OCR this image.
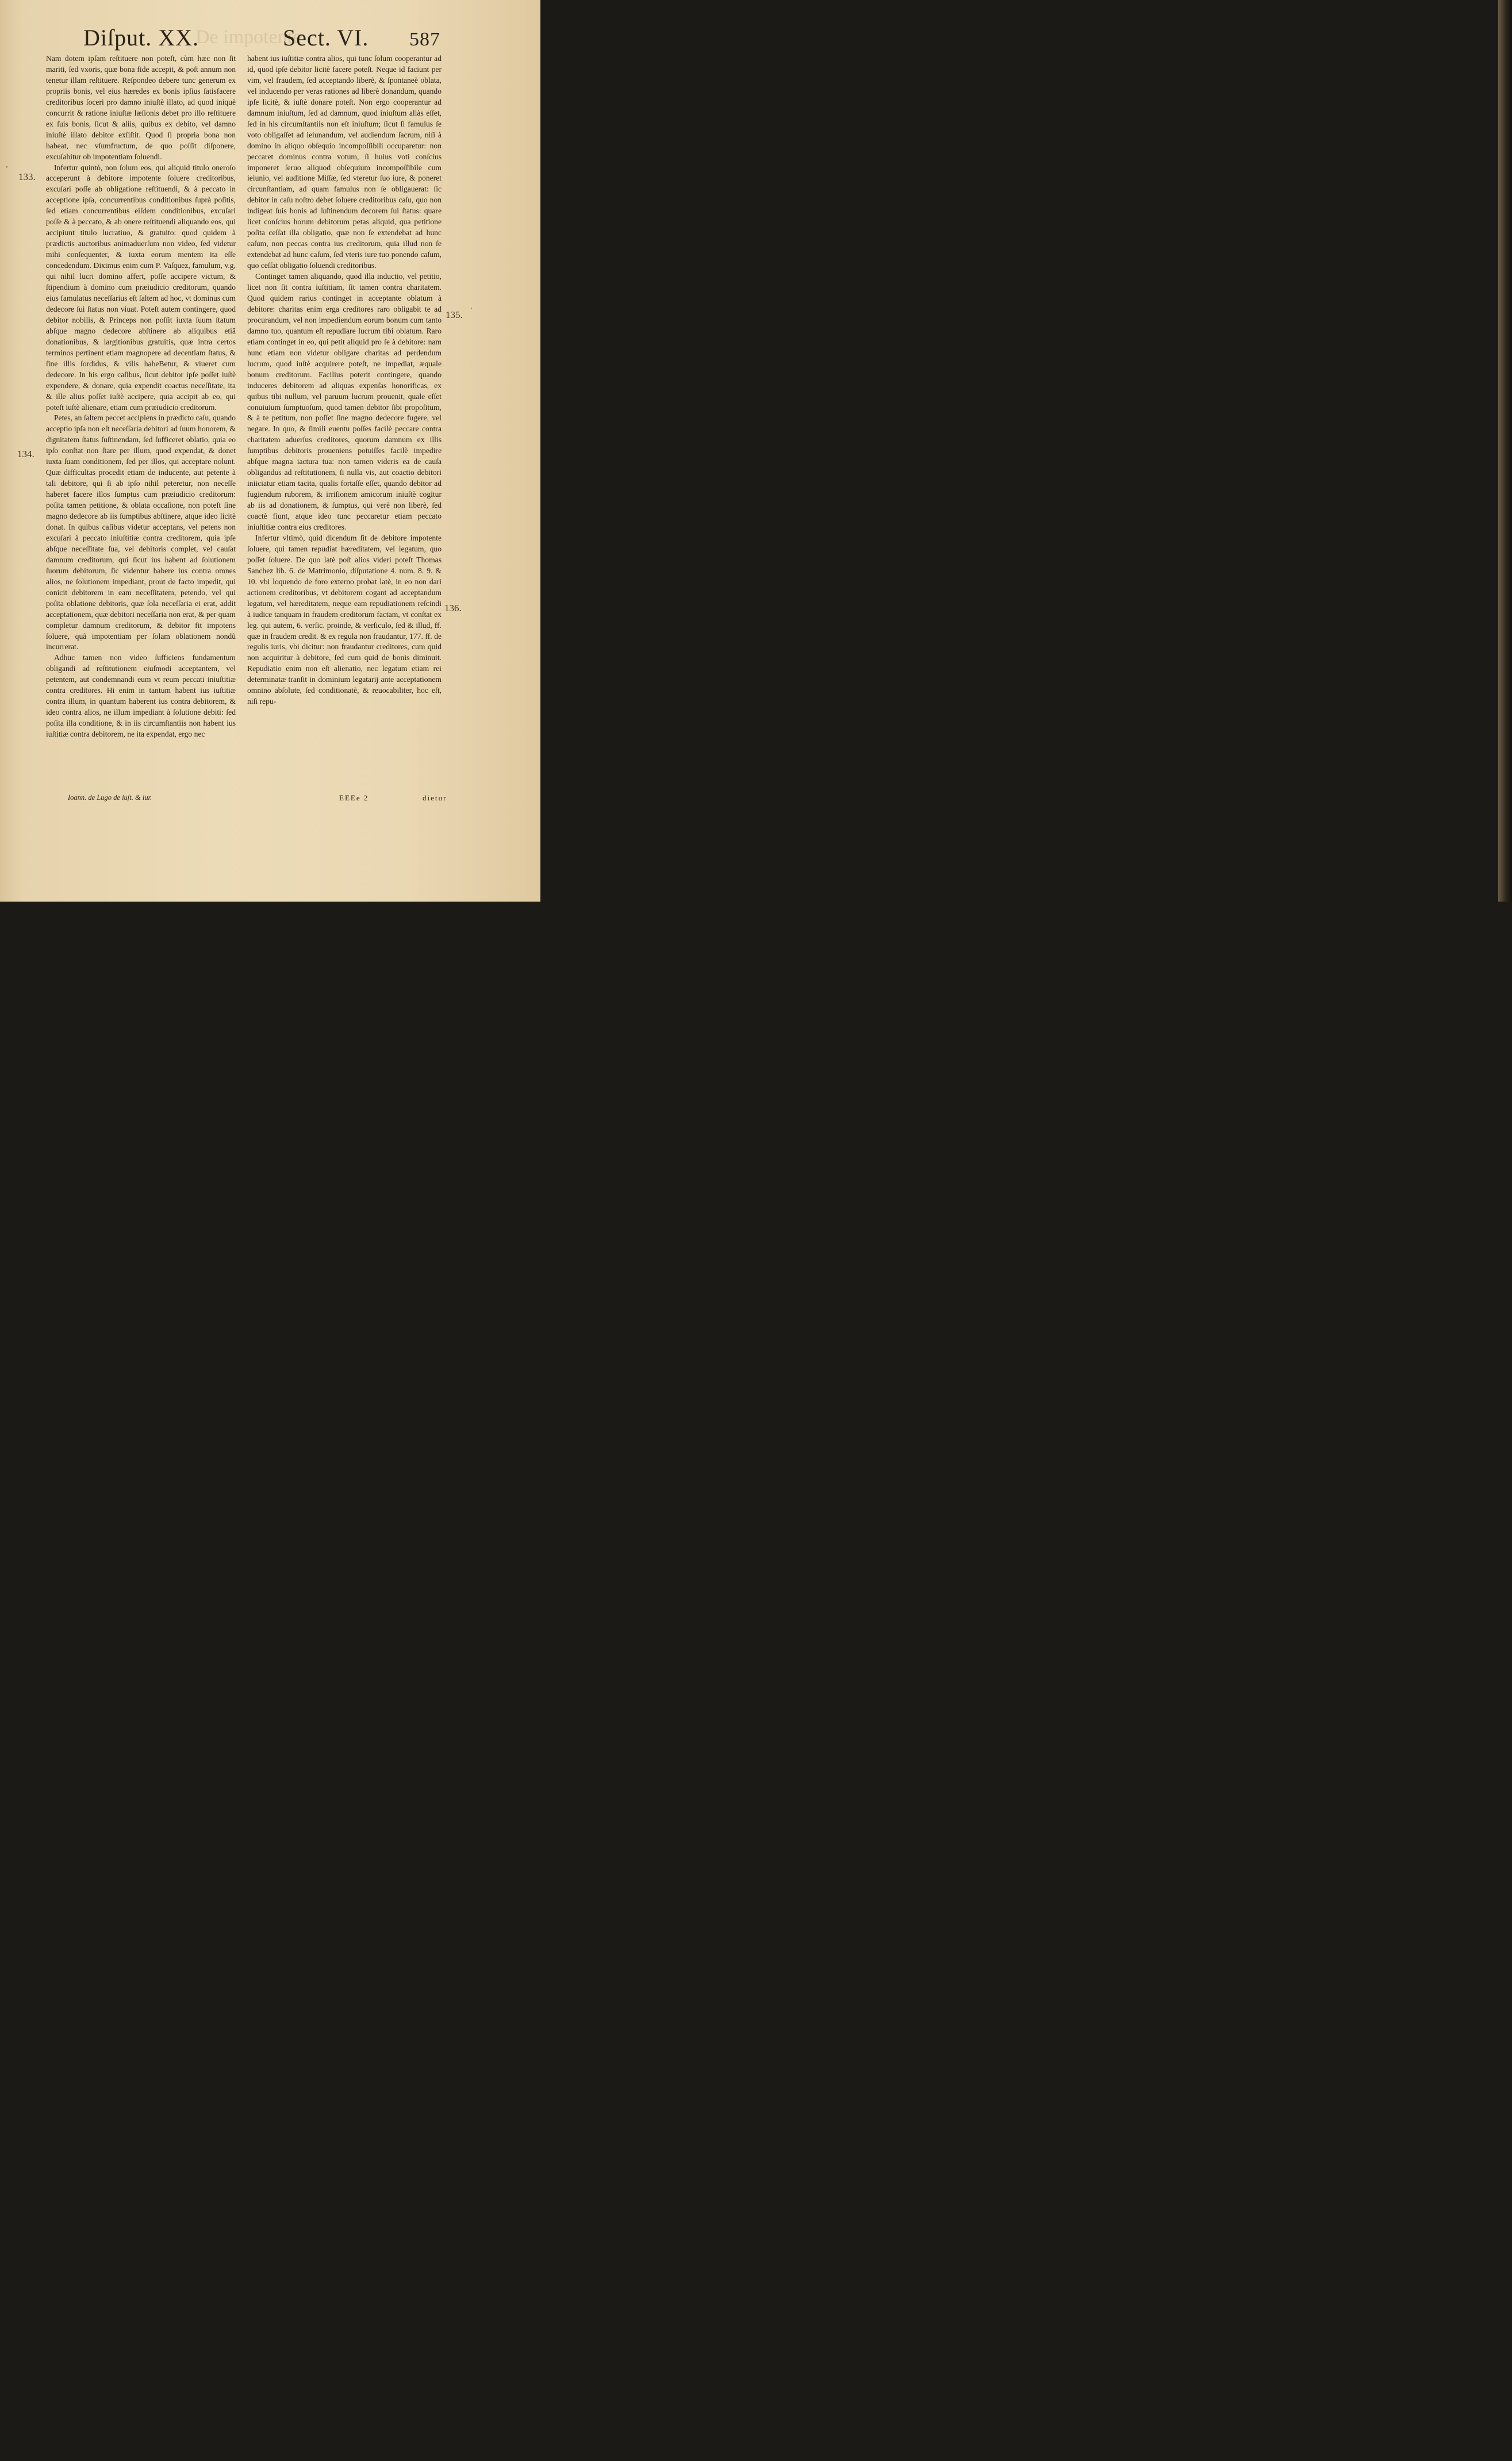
De impotente
Diſput. XX.	Sect. VI. 587
133.
134.
135.
136.
ʼ
ʼ

Nam dotem ipſam reſtituere non poteſt, cùm hæc non ſit mariti, ſed vxoris, quæ bona fide accepit, & poſt annum non tenetur illam reſtituere. Reſpondeo debere tunc generum ex propriis bonis, vel eius hæredes ex bonis ipſius ſatisfacere creditoribus ſoceri pro damno iniuſtè illato, ad quod iniquè concurrit & ratione iniuſtæ læſionis debet pro illo reſtituere ex ſuis bonis, ſicut & aliis, quibus ex debito, vel damno iniuſtè illato debitor exſiſtit. Quod ſi propria bona non habeat, nec vſumfructum, de quo poſſit diſponere, excuſabitur ob impotentiam ſoluendi.

Infertur quintò, non ſolum eos, qui aliquid titulo oneroſo acceperunt à debitore impotente ſoluere creditoribus, excuſari poſſe ab obligatione reſtituendi, & à peccato in acceptione ipſa, concurrentibus conditionibus ſuprà poſitis, ſed etiam concurrentibus eiſdem conditionibus, excuſari poſſe & à peccato, & ab onere reſtituendi aliquando eos, qui accipiunt titulo lucratiuo, & gratuito: quod quidem à prædictis auctoribus animaduerſum non video, ſed videtur mihi conſequenter, & iuxta eorum mentem ita eſſe concedendum. Diximus enim cum P. Vaſquez, famulum, v.g, qui nihil lucri domino affert, poſſe accipere victum, & ſtipendium à domino cum præiudicio creditorum, quando eius famulatus neceſſarius eſt ſaltem ad hoc, vt dominus cum dedecore ſui ſtatus non viuat. Poteſt autem contingere, quod debitor nobilis, & Princeps non poſſit iuxta ſuum ſtatum abſque magno dedecore abſtinere ab aliquibus etiã donationibus, & largitionibus gratuitis, quæ intra certos terminos pertinent etiam magnopere ad decentiam ſtatus, & ſine illis ſordidus, & vilis habeBetur, & viueret cum dedecore. In his ergo caſibus, ſicut debitor ipſe poſſet iuſtè expendere, & donare, quia expendit coactus neceſſitate, ita & ille alius poſſet iuſtè accipere, quia accipit ab eo, qui poteſt iuſtè alienare, etiam cum præiudicio creditorum.

Petes, an ſaltem peccet accipiens in prædicto caſu, quando acceptio ipſa non eſt neceſſaria debitori ad ſuum honorem, & dignitatem ſtatus ſuſtinendam, ſed ſufficeret oblatio, quia eo ipſo conſtat non ſtare per illum, quod expendat, & donet iuxta ſuam conditionem, ſed per illos, qui acceptare nolunt. Quæ difficultas procedit etiam de inducente, aut petente à tali debitore, qui ſi ab ipſo nihil peteretur, non neceſſe haberet facere illos ſumptus cum præiudicio creditorum: poſita tamen petitione, & oblata occaſione, non poteſt ſine magno dedecore ab iis ſumptibus abſtinere, atque ideo licitè donat. In quibus caſibus videtur acceptans, vel petens non excuſari à peccato iniuſtitiæ contra creditorem, quia ipſe abſque neceſſitate ſua, vel debitoris complet, vel cauſat damnum creditorum, qui ſicut ius habent ad ſolutionem ſuorum debitorum, ſic videntur habere ius contra omnes alios, ne ſolutionem impediant, prout de facto impedit, qui conicit debitorem in eam neceſſitatem, petendo, vel qui poſita oblatione debitoris, quæ ſola neceſſaria ei erat, addit acceptationem, quæ debitori neceſſaria non erat, & per quam completur damnum creditorum, & debitor fit impotens ſoluere, quã impotentiam per ſolam oblationem nondũ incurrerat.

Adhuc tamen non video ſufficiens fundamentum obligandi ad reſtitutionem eiuſmodi acceptantem, vel petentem, aut condemnandi eum vt reum peccati iniuſtitiæ contra creditores. Hi enim in tantum habent ius iuſtitiæ contra illum, in quantum haberent ius contra debitorem, & ideo contra alios, ne illum impediant à ſolutione debiti: ſed poſita illa conditione, & in iis circumſtantiis non habent ius iuſtitiæ contra debitorem, ne ita expendat, ergo nec

habent ius iuſtitiæ contra alios, qui tunc ſolum cooperantur ad id, quod ipſe debitor licitè facere poteſt. Neque id faciunt per vim, vel fraudem, ſed acceptando liberè, & ſpontaneè oblata, vel inducendo per veras rationes ad liberè donandum, quando ipſe licitè, & iuſtè donare poteſt. Non ergo cooperantur ad damnum iniuſtum, ſed ad damnum, quod iniuſtum aliàs eſſet, ſed in his circumſtantiis non eſt iniuſtum; ſicut ſi famulus ſe voto obligaſſet ad ieiunandum, vel audiendum ſacrum, niſi à domino in aliquo obſequio incompoſſibili occuparetur: non peccaret dominus contra votum, ſi huius voti conſcius imponeret ſeruo aliquod obſequium incompoſſibile cum ieiunio, vel auditione Miſſæ, ſed vteretur ſuo iure, & poneret circunſtantiam, ad quam famulus non ſe obligauerat: ſic debitor in caſu noſtro debet ſoluere creditoribus caſu, quo non indigeat ſuis bonis ad ſuſtinendum decorem ſui ſtatus: quare licet conſcius horum debitorum petas aliquid, qua petitione poſita ceſſat illa obligatio, quæ non ſe extendebat ad hunc caſum, non peccas contra ius creditorum, quia illud non ſe extendebat ad hunc caſum, ſed vteris iure tuo ponendo caſum, quo ceſſat obligatio ſoluendi creditoribus.

Continget tamen aliquando, quod illa inductio, vel petitio, licet non ſit contra iuſtitiam, ſit tamen contra charitatem. Quod quidem rarius continget in acceptante oblatum à debitore: charitas enim erga creditores raro obligabit te ad procurandum, vel non impediendum eorum bonum cum tanto damno tuo, quantum eſt repudiare lucrum tibi oblatum. Raro etiam continget in eo, qui petit aliquid pro ſe à debitore: nam hunc etiam non videtur obligare charitas ad perdendum lucrum, quod iuſtè acquirere poteſt, ne impediat, æquale bonum creditorum. Facilius poterit contingere, quando induceres debitorem ad aliquas expenſas honorificas, ex quibus tibi nullum, vel paruum lucrum prouenit, quale eſſet conuiuium ſumptuoſum, quod tamen debitor ſibi propoſitum, & à te petitum, non poſſet ſine magno dedecore fugere, vel negare. In quo, & ſimili euentu poſſes facilè peccare contra charitatem aduerſus creditores, quorum damnum ex illis ſumptibus debitoris proueniens potuiſſes facilè impedire abſque magna iactura tua: non tamen videris ea de cauſa obligandus ad reſtitutionem, ſi nulla vis, aut coactio debitori iniiciatur etiam tacita, qualis fortaſſe eſſet, quando debitor ad fugiendum ruborem, & irriſionem amicorum iniuſtè cogitur ab iis ad donationem, & ſumptus, qui verè non liberè, ſed coactè fiunt, atque ideo tunc peccaretur etiam peccato iniuſtitiæ contra eius creditores.

Infertur vltimò, quid dicendum ſit de debitore impotente ſoluere, qui tamen repudiat hæreditatem, vel legatum, quo poſſet ſoluere. De quo latè poſt alios videri poteſt Thomas Sanchez lib. 6. de Matrimonio, diſputatione 4. num. 8. 9. & 10. vbi loquendo de foro externo probat latè, in eo non dari actionem creditoribus, vt debitorem cogant ad acceptandum legatum, vel hæreditatem, neque eam repudiationem reſcindi à iudice tanquam in fraudem creditorum factam, vt conſtat ex leg. qui autem, 6. verſic. proinde, & verſiculo, ſed & illud, ff. quæ in fraudem credit. & ex regula non fraudantur, 177. ff. de regulis iuris, vbi dicitur: non fraudantur creditores, cum quid non acquiritur à debitore, ſed cum quid de bonis diminuit. Repudiatio enim non eſt alienatio, nec legatum etiam rei determinatæ tranſit in dominium legatarij ante acceptationem omnino abſolute, ſed conditionatè, & reuocabiliter, hoc eſt, niſi repu-

Ioann. de Lugo de iuſt. & iur.	EEEe 2	dietur
